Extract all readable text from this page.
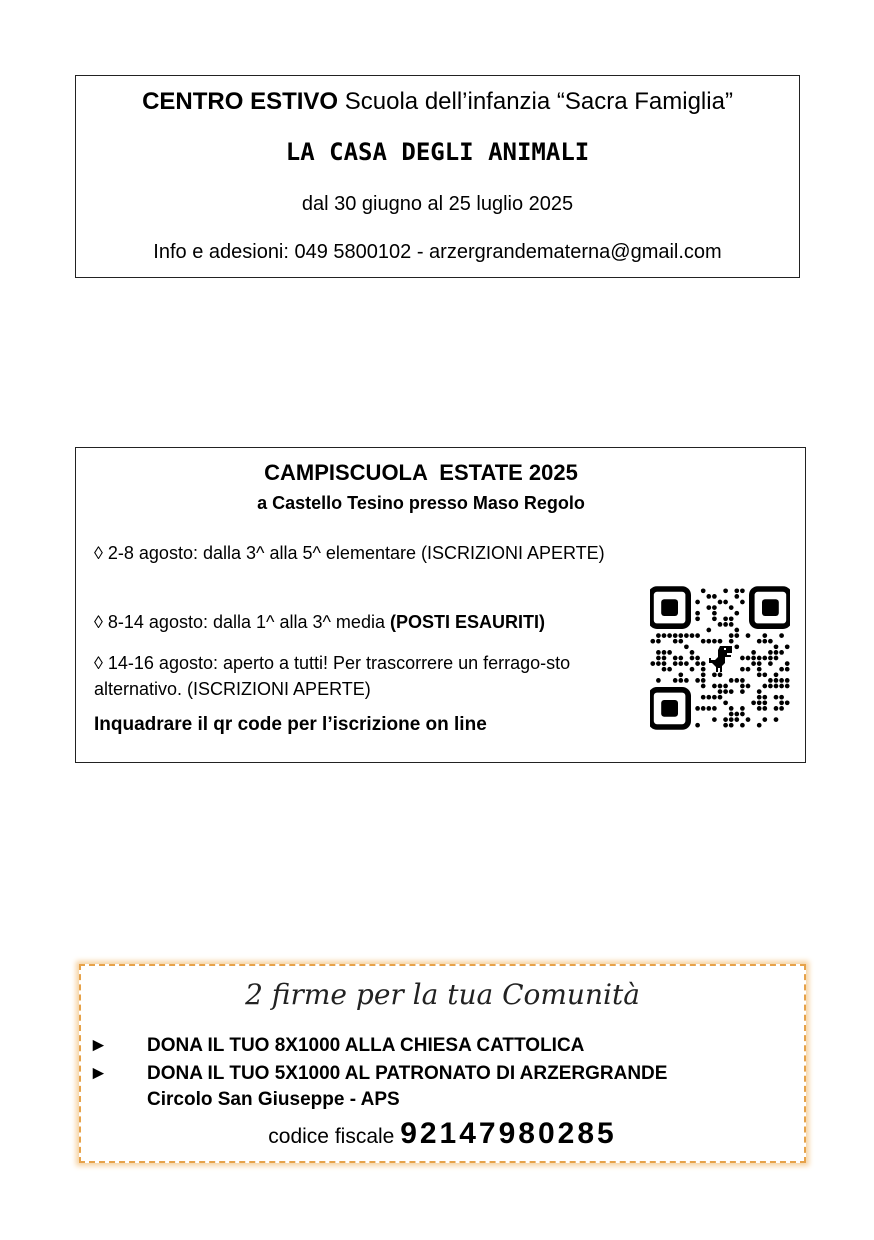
CENTRO ESTIVO Scuola dell’infanzia “Sacra Famiglia”
LA CASA DEGLI ANIMALI
dal 30 giugno al 25 luglio 2025
Info e adesioni: 049 5800102 - arzergrandematerna@gmail.com
CAMPISCUOLA  ESTATE 2025
a Castello Tesino presso Maso Regolo
◊ 2-8 agosto: dalla 3^ alla 5^ elementare (ISCRIZIONI APERTE)
◊ 8-14 agosto: dalla 1^ alla 3^ media (POSTI ESAURITI)
◊ 14-16 agosto: aperto a tutti! Per trascorrere un ferrago-sto alternativo. (ISCRIZIONI APERTE)
Inquadrare il qr code per l’iscrizione on line
2 firme per la tua Comunità
► DONA IL TUO 8X1000 ALLA CHIESA CATTOLICA
► DONA IL TUO 5X1000 AL PATRONATO DI ARZERGRANDE
Circolo San Giuseppe - APS
codice fiscale 92147980285
